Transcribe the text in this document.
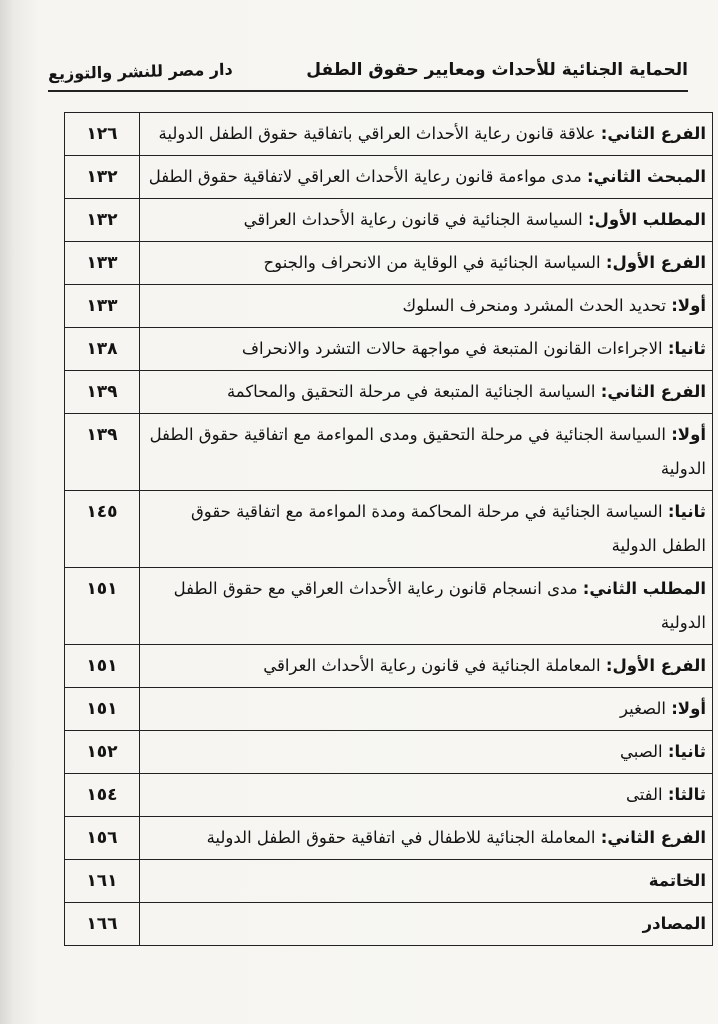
الحماية الجنائية للأحداث ومعايير حقوق الطفل
دار مصر للنشر والتوزيع
الفرع الثاني: علاقة قانون رعاية الأحداث العراقي باتفاقية حقوق الطفل الدولية	١٢٦
المبحث الثاني: مدى مواءمة قانون رعاية الأحداث العراقي لاتفاقية حقوق الطفل	١٣٢
المطلب الأول: السياسة الجنائية في قانون رعاية الأحداث العراقي	١٣٢
الفرع الأول: السياسة الجنائية في الوقاية من الانحراف والجنوح	١٣٣
أولا: تحديد الحدث المشرد ومنحرف السلوك	١٣٣
ثانيا: الاجراءات القانون المتبعة في مواجهة حالات التشرد والانحراف	١٣٨
الفرع الثاني: السياسة الجنائية المتبعة في مرحلة التحقيق والمحاكمة	١٣٩
أولا: السياسة الجنائية في مرحلة التحقيق ومدى المواءمة مع اتفاقية حقوق الطفل الدولية	١٣٩
ثانيا: السياسة الجنائية في مرحلة المحاكمة ومدة المواءمة مع اتفاقية حقوق الطفل الدولية	١٤٥
المطلب الثاني: مدى انسجام قانون رعاية الأحداث العراقي مع حقوق الطفل الدولية	١٥١
الفرع الأول: المعاملة الجنائية في قانون رعاية الأحداث العراقي	١٥١
أولا: الصغير	١٥١
ثانيا: الصبي	١٥٢
ثالثا: الفتى	١٥٤
الفرع الثاني: المعاملة الجنائية للاطفال في اتفاقية حقوق الطفل الدولية	١٥٦
الخاتمة	١٦١
المصادر	١٦٦
